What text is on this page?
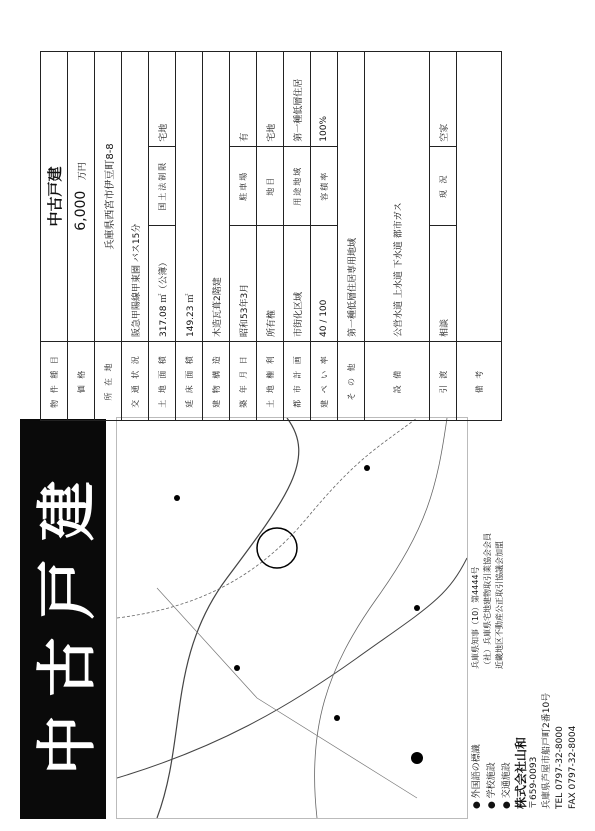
中古戸建
● 外国語の標識 ● 学校施設 ● 交通施設
兵庫県知事（10）第4444号 （社）兵庫県宅地建物取引業協会会員 近畿地区不動産公正取引協議会加盟
株式会社山和 〒659-0093 兵庫県芦屋市船戸町2番10号 TEL 0797-32-8000
FAX 0797-32-8004
物 件 種 目	中古戸建		
価 格	6,000 万円		
所 在 地	兵庫県西宮市伊豆町8-8		
交 通 状 況	阪急甲陽線甲東園 バス15分		
土 地 面 積	317.08 ㎡（公簿）	国土法制限	宅地
延 床 面 積	149.23 ㎡		
建 物 構 造	木造瓦葺2階建		
築 年 月 日	昭和53年3月	駐車場	有
土 地 権 利	所有権	地目	宅地
都 市 計 画	市街化区域	用途地域	第一種低層住居
建 ぺ い 率	40 / 100	容積率	100%
そ の 他	第一種低層住居専用地域		
設 備	公営水道 上水道 下水道 都市ガス		
引 渡	相談	現 況	空家
備 考			
